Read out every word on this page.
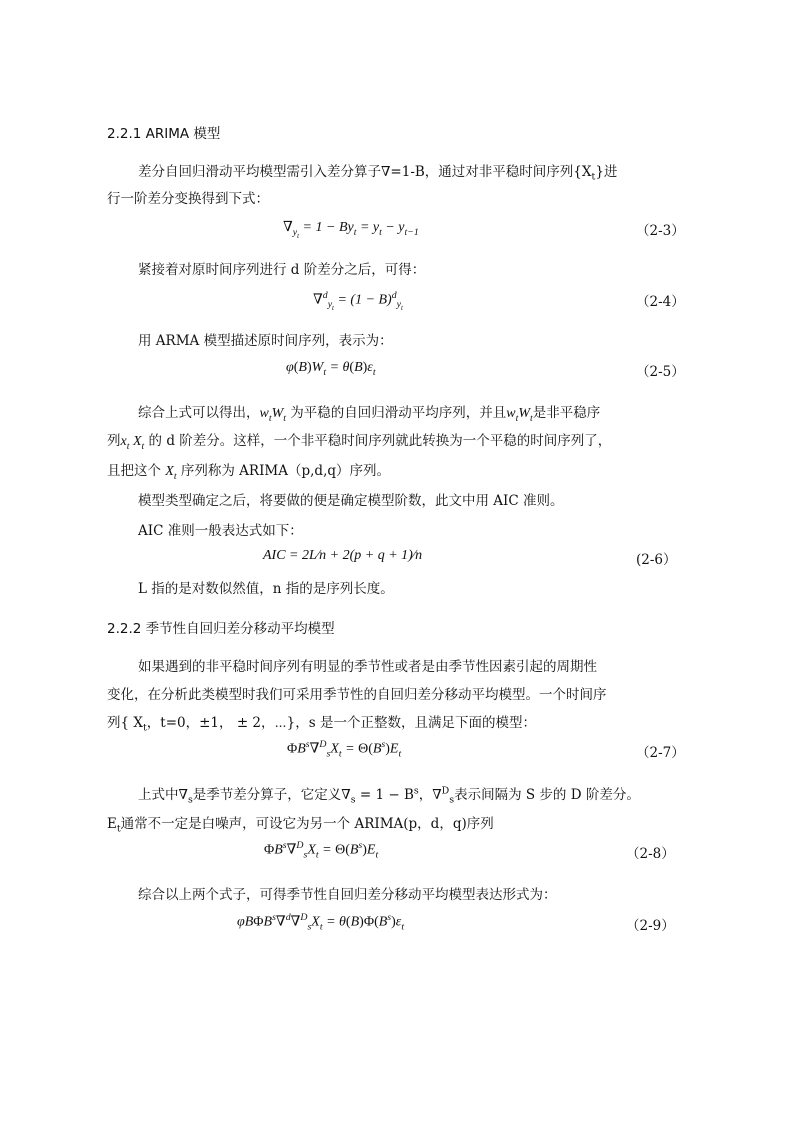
2.2.1 ARIMA 模型
差分自回归滑动平均模型需引入差分算子∇=1-B，通过对非平稳时间序列$\{X_t\}$进
行一阶差分变换得到下式：
$\nabla_{y_t} = 1 - By_t = y_t - y_{t-1}$	（2-3）
紧接着对原时间序列进行 d 阶差分之后，可得：
$\nabla^d_{y_t} = (1 - B)^d_{y_t}$	（2-4）
用 ARMA 模型描述原时间序列，表示为：
$\varphi(B)W_t = \theta(B)\varepsilon_t$	（2-5）
综合上式可以得出，$w_tW_t$ 为平稳的自回归滑动平均序列，并且$w_tW_t$是非平稳序
列$x_t$ $X_t$ 的 d 阶差分。这样，一个非平稳时间序列就此转换为一个平稳的时间序列了，
且把这个 $X_t$ 序列称为 ARIMA（p,d,q）序列。
模型类型确定之后，将要做的便是确定模型阶数，此文中用 AIC 准则。
AIC 准则一般表达式如下：
AIC = 2L∕n + 2(p + q + 1)∕n	(2-6）
L 指的是对数似然值，n 指的是序列长度。
2.2.2 季节性自回归差分移动平均模型
如果遇到的非平稳时间序列有明显的季节性或者是由季节性因素引起的周期性
变化，在分析此类模型时我们可采用季节性的自回归差分移动平均模型。一个时间序
列{ $X_t$，t=0，±1， ± 2，⋯}，s 是一个正整数，且满足下面的模型：
$\Phi B^s\nabla^D_sX_t = \Theta(B^s)E_t$	（2-7）
上式中$\nabla_s$是季节差分算子，它定义$\nabla_s = 1 - B^s$，∇$^D_s$表示间隔为 S 步的 D 阶差分。
$E_t$通常不一定是白噪声，可设它为另一个 ARIMA(p，d，q)序列
$\Phi B^s\nabla^D_sX_t = \Theta(B^s)E_t$	（2-8）
综合以上两个式子，可得季节性自回归差分移动平均模型表达形式为：
$\varphi B\Phi B^s\nabla^d\nabla^D_sX_t = \theta(B)\Phi(B^s)\varepsilon_t$	（2-9）
